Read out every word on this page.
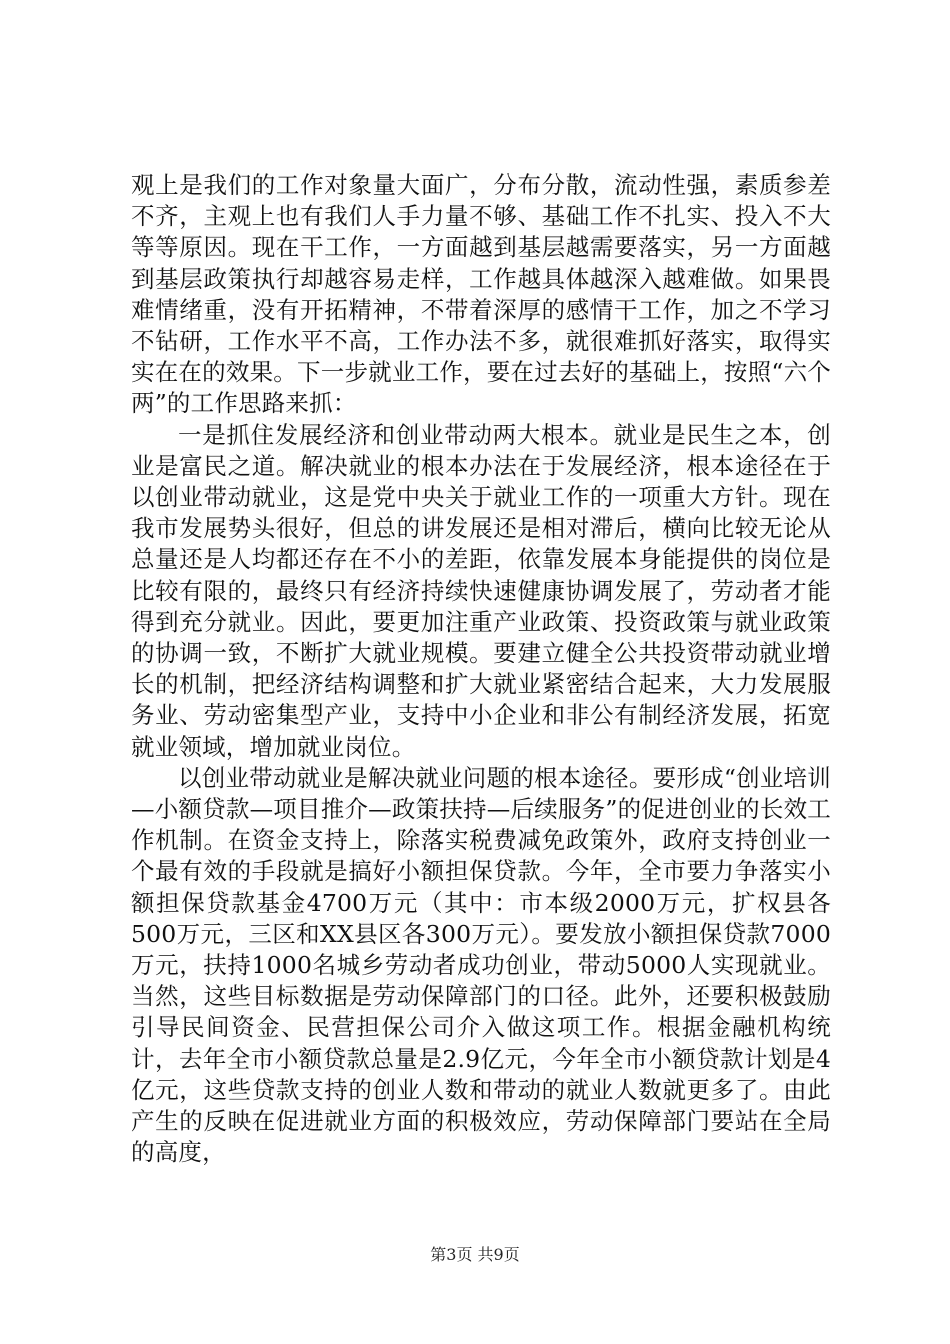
观上是我们的工作对象量大面广，分布分散，流动性强，素质参差不齐，主观上也有我们人手力量不够、基础工作不扎实、投入不大等等原因。现在干工作，一方面越到基层越需要落实，另一方面越到基层政策执行却越容易走样，工作越具体越深入越难做。如果畏难情绪重，没有开拓精神，不带着深厚的感情干工作，加之不学习不钻研，工作水平不高，工作办法不多，就很难抓好落实，取得实实在在的效果。下一步就业工作，要在过去好的基础上，按照“六个两”的工作思路来抓：

一是抓住发展经济和创业带动两大根本。就业是民生之本，创业是富民之道。解决就业的根本办法在于发展经济，根本途径在于以创业带动就业，这是党中央关于就业工作的一项重大方针。现在我市发展势头很好，但总的讲发展还是相对滞后，横向比较无论从总量还是人均都还存在不小的差距，依靠发展本身能提供的岗位是比较有限的，最终只有经济持续快速健康协调发展了，劳动者才能得到充分就业。因此，要更加注重产业政策、投资政策与就业政策的协调一致，不断扩大就业规模。要建立健全公共投资带动就业增长的机制，把经济结构调整和扩大就业紧密结合起来，大力发展服务业、劳动密集型产业，支持中小企业和非公有制经济发展，拓宽就业领域，增加就业岗位。

以创业带动就业是解决就业问题的根本途径。要形成“创业培训—小额贷款—项目推介—政策扶持—后续服务”的促进创业的长效工作机制。在资金支持上，除落实税费减免政策外，政府支持创业一个最有效的手段就是搞好小额担保贷款。今年，全市要力争落实小额担保贷款基金4700万元（其中：市本级2000万元，扩权县各500万元，三区和XX县区各300万元）。要发放小额担保贷款7000万元，扶持1000名城乡劳动者成功创业，带动5000人实现就业。当然，这些目标数据是劳动保障部门的口径。此外，还要积极鼓励引导民间资金、民营担保公司介入做这项工作。根据金融机构统计，去年全市小额贷款总量是2.9亿元，今年全市小额贷款计划是4亿元，这些贷款支持的创业人数和带动的就业人数就更多了。由此产生的反映在促进就业方面的积极效应，劳动保障部门要站在全局的高度，

第3页 共9页
